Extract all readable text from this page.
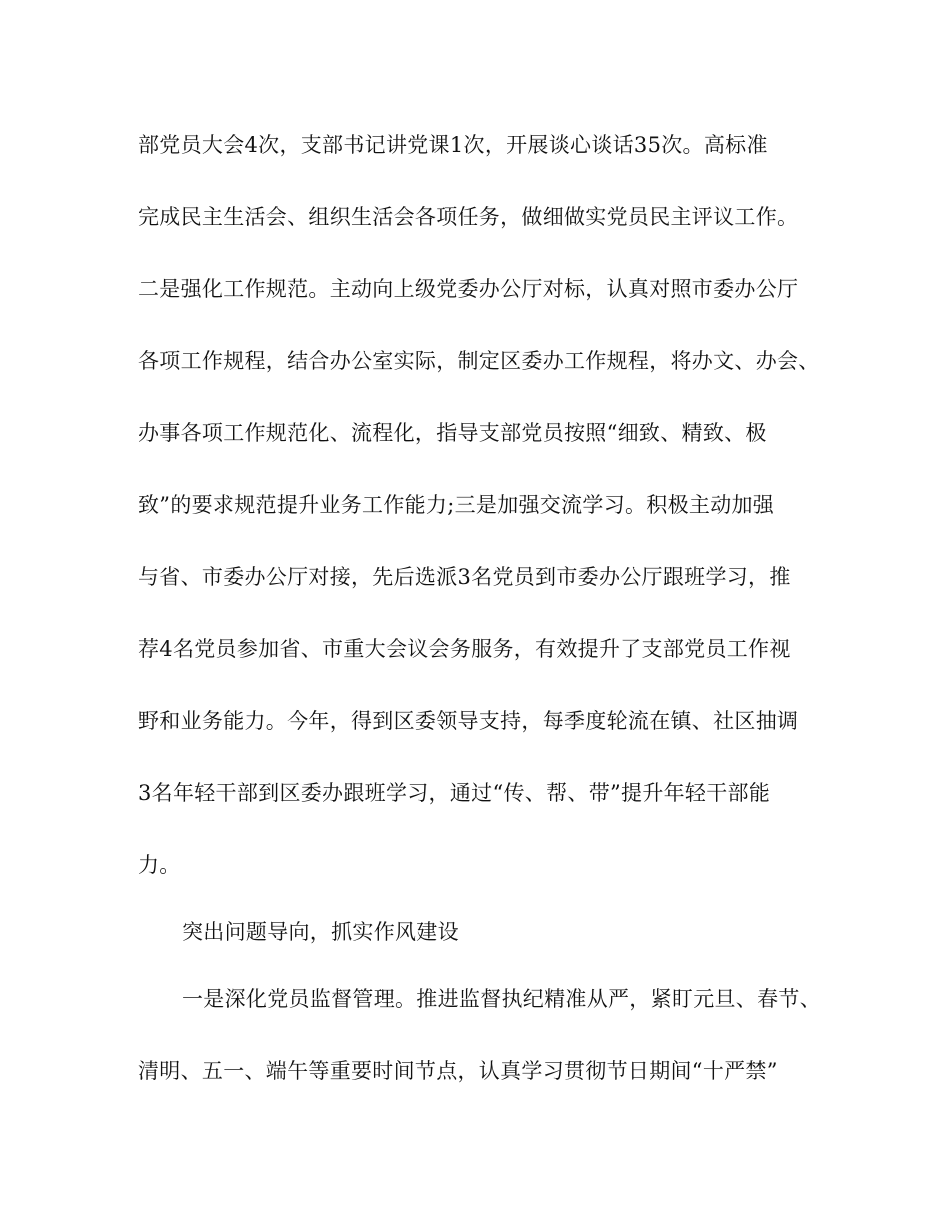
部党员大会4次，支部书记讲党课1次，开展谈心谈话35次。高标准
完成民主生活会、组织生活会各项任务，做细做实党员民主评议工作。
二是强化工作规范。主动向上级党委办公厅对标，认真对照市委办公厅
各项工作规程，结合办公室实际，制定区委办工作规程，将办文、办会、
办事各项工作规范化、流程化，指导支部党员按照“细致、精致、极
致”的要求规范提升业务工作能力;三是加强交流学习。积极主动加强
与省、市委办公厅对接，先后选派3名党员到市委办公厅跟班学习，推
荐4名党员参加省、市重大会议会务服务，有效提升了支部党员工作视
野和业务能力。今年，得到区委领导支持，每季度轮流在镇、社区抽调
3名年轻干部到区委办跟班学习，通过“传、帮、带”提升年轻干部能
力。
突出问题导向，抓实作风建设
一是深化党员监督管理。推进监督执纪精准从严，紧盯元旦、春节、
清明、五一、端午等重要时间节点，认真学习贯彻节日期间“十严禁”
